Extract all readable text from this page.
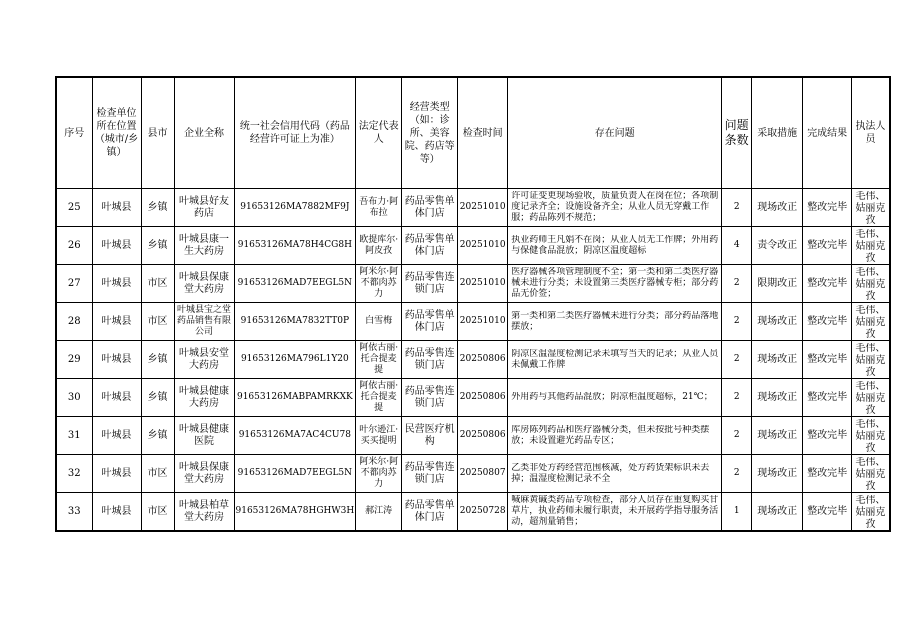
序号	检查单位所在位置（城市/乡镇）	县市	企业全称	统一社会信用代码（药品经营许可证上为准）	法定代表人	经营类型（如：诊所、美容院、药店等等）	检查时间	存在问题	问题条数	采取措施	完成结果	执法人员
25	叶城县	乡镇	叶城县好友药店	91653126MA7882MF9J	吾布力·阿布拉	药品零售单体门店	20251010	许可证变更现场验收，质量负责人在岗在位；各项制度记录齐全；设施设备齐全；从业人员无穿戴工作服；药品陈列不规范；	2	现场改正	整改完毕	毛伟、姑丽克孜

26	叶城县	乡镇	叶城县康一生大药房	91653126MA78H4CG8H	欧提库尔·阿皮孜	药品零售单体门店	20251010	执业药师王凡娟不在岗；从业人员无工作牌；外用药与保健食品混放；阴凉区温度超标	4	责令改正	整改完毕	毛伟、姑丽克孜

27	叶城县	市区	叶城县保康堂大药房	91653126MAD7EEGL5N	阿米尔·阿不都肉苏力	药品零售连锁门店	20251010	医疗器械各项管理制度不全；第一类和第二类医疗器械未进行分类；未设置第三类医疗器械专柜；部分药品无价签；	2	限期改正	整改完毕	毛伟、姑丽克孜

28	叶城县	市区	叶城县宝之堂药品销售有限公司	91653126MA7832TT0P	白雪梅	药品零售单体门店	20251010	第一类和第二类医疗器械未进行分类；部分药品落地摆放；	2	现场改正	整改完毕	毛伟、姑丽克孜

29	叶城县	乡镇	叶城县安堂大药房	91653126MA796L1Y20	阿依古丽·托合提麦提	药品零售连锁门店	20250806	阴凉区温湿度检测记录未填写当天的记录；从业人员未佩戴工作牌	2	现场改正	整改完毕	毛伟、姑丽克孜

30	叶城县	乡镇	叶城县健康大药房	91653126MABPAMRKXK	阿依古丽·托合提麦提	药品零售连锁门店	20250806	外用药与其他药品混放；阴凉柜温度超标，21℃；	2	现场改正	整改完毕	毛伟、姑丽克孜

31	叶城县	乡镇	叶城县健康医院	91653126MA7AC4CU78	叶尔逊江·买买提明	民营医疗机构	20250806	库房陈列药品和医疗器械分类，但未按批号种类摆放；未设置避光药品专区；	2	现场改正	整改完毕	毛伟、姑丽克孜

32	叶城县	市区	叶城县保康堂大药房	91653126MAD7EEGL5N	阿米尔·阿不都肉苏力	药品零售连锁门店	20250807	乙类非处方药经营范围核减，处方药货架标识未去掉；温湿度检测记录不全	2	现场改正	整改完毕	毛伟、姑丽克孜

33	叶城县	市区	叶城县柏草堂大药房	91653126MA78HGHW3H	郝江涛	药品零售单体门店	20250728	喊麻黄碱类药品专项检查，部分人员存在重复购买甘草片，执业药师未履行职责，未开展药学指导服务活动，超剂量销售；	1	现场改正	整改完毕	毛伟、姑丽克孜
